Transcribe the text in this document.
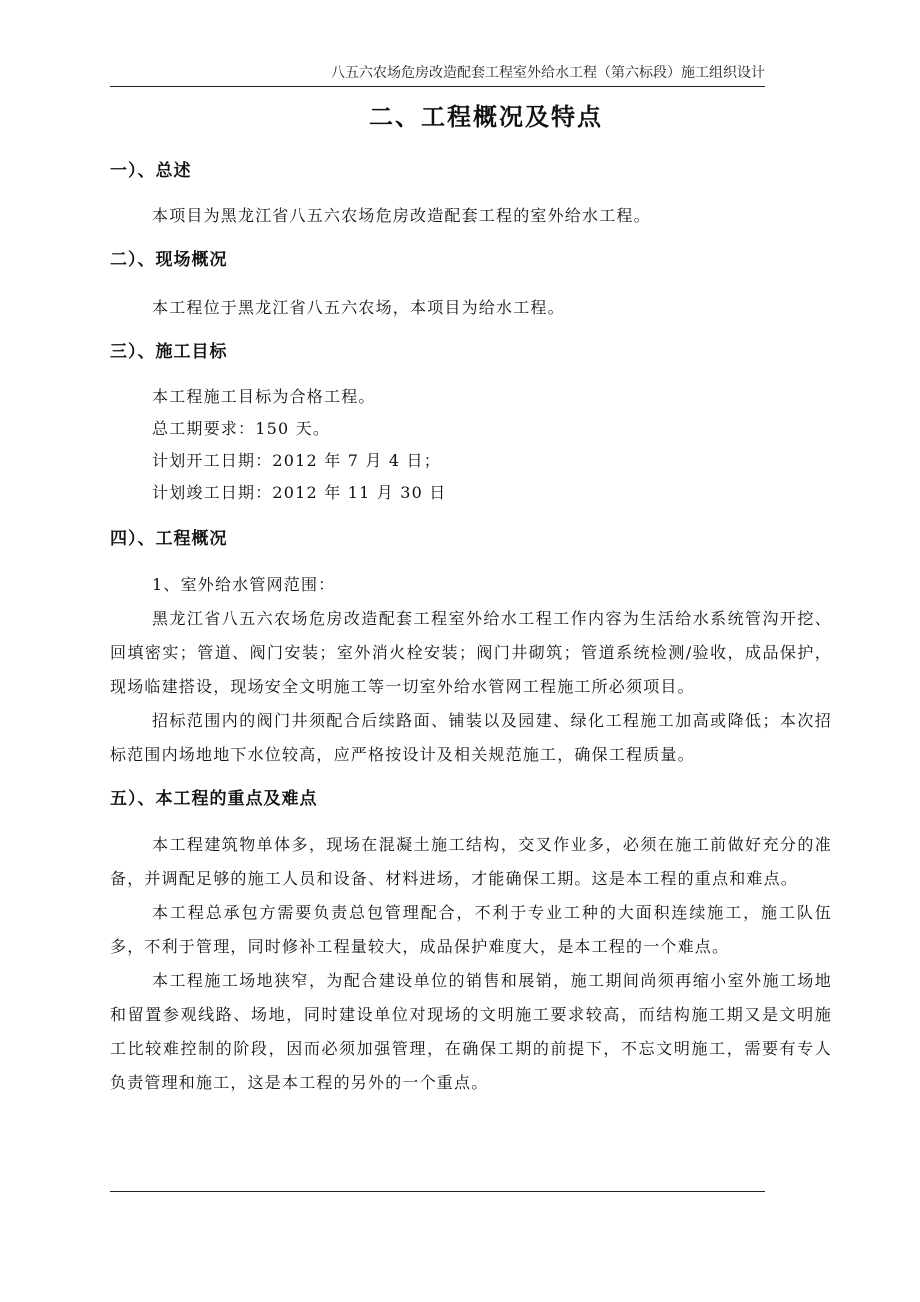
八五六农场危房改造配套工程室外给水工程（第六标段）施工组织设计
二、工程概况及特点
一）、总述

本项目为黑龙江省八五六农场危房改造配套工程的室外给水工程。

二）、现场概况

本工程位于黑龙江省八五六农场，本项目为给水工程。

三）、施工目标

本工程施工目标为合格工程。

总工期要求：150 天。

计划开工日期：2012 年 7 月 4 日；

计划竣工日期：2012 年 11 月 30 日

四）、工程概况

1、室外给水管网范围：

黑龙江省八五六农场危房改造配套工程室外给水工程工作内容为生活给水系统管沟开挖、回填密实；管道、阀门安装；室外消火栓安装；阀门井砌筑；管道系统检测/验收，成品保护，现场临建搭设，现场安全文明施工等一切室外给水管网工程施工所必须项目。

招标范围内的阀门井须配合后续路面、铺装以及园建、绿化工程施工加高或降低；本次招标范围内场地地下水位较高，应严格按设计及相关规范施工，确保工程质量。

五）、本工程的重点及难点

本工程建筑物单体多，现场在混凝土施工结构，交叉作业多，必须在施工前做好充分的准备，并调配足够的施工人员和设备、材料进场，才能确保工期。这是本工程的重点和难点。

本工程总承包方需要负责总包管理配合，不利于专业工种的大面积连续施工，施工队伍多，不利于管理，同时修补工程量较大，成品保护难度大，是本工程的一个难点。

本工程施工场地狭窄，为配合建设单位的销售和展销，施工期间尚须再缩小室外施工场地和留置参观线路、场地，同时建设单位对现场的文明施工要求较高，而结构施工期又是文明施工比较难控制的阶段，因而必须加强管理，在确保工期的前提下，不忘文明施工，需要有专人负责管理和施工，这是本工程的另外的一个重点。
